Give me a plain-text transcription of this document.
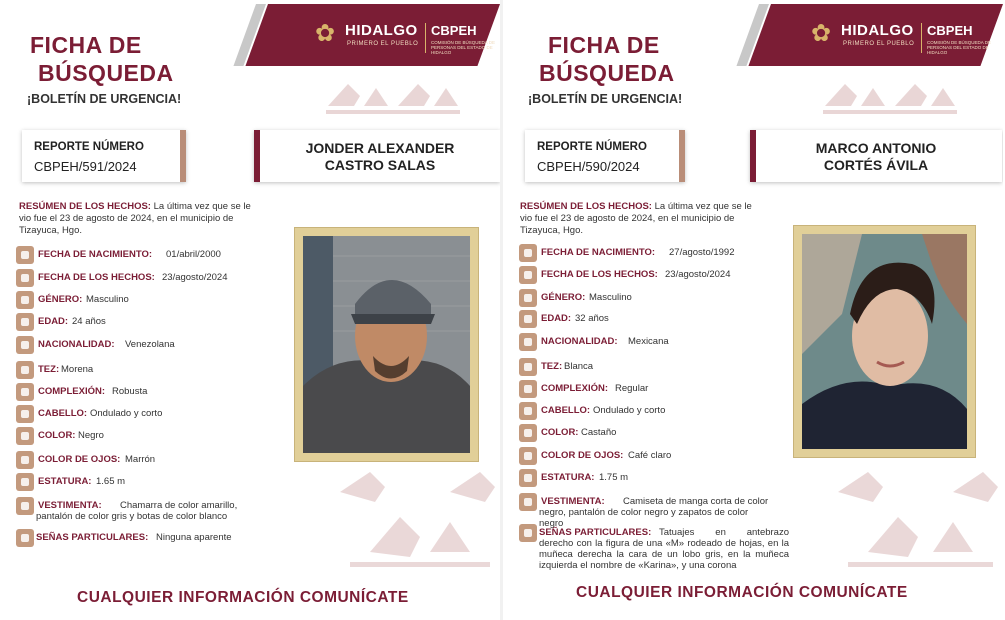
✿ HIDALGO
PRIMERO EL PUEBLO
CBPEH
COMISIÓN DE BÚSQUEDA DE PERSONAS DEL ESTADO DE HIDALGO
FICHA DE
BÚSQUEDA
¡BOLETÍN DE URGENCIA!
REPORTE NÚMERO
CBPEH/591/2024
JONDER ALEXANDER
CASTRO SALAS
RESÚMEN DE LOS HECHOS: La última vez que se le vio fue el 23 de agosto de 2024, en el municipio de Tizayuca, Hgo.
FECHA DE NACIMIENTO: 01/abril/2000
FECHA DE LOS HECHOS: 23/agosto/2024
GÉNERO: Masculino
EDAD: 24 años
NACIONALIDAD: Venezolana
TEZ: Morena
COMPLEXIÓN: Robusta
CABELLO: Ondulado y corto
COLOR: Negro
COLOR DE OJOS: Marrón
ESTATURA: 1.65 m
VESTIMENTA:	Chamarra de color amarillo, pantalón de color gris y botas de color blanco
SEÑAS PARTICULARES: Ninguna aparente
CUALQUIER INFORMACIÓN COMUNÍCATE
✿ HIDALGO
PRIMERO EL PUEBLO
CBPEH
COMISIÓN DE BÚSQUEDA DE PERSONAS DEL ESTADO DE HIDALGO
FICHA DE
BÚSQUEDA
¡BOLETÍN DE URGENCIA!
REPORTE NÚMERO
CBPEH/590/2024
MARCO ANTONIO
CORTÉS ÁVILA
RESÚMEN DE LOS HECHOS: La última vez que se le vio fue el 23 de agosto de 2024, en el municipio de Tizayuca, Hgo.
FECHA DE NACIMIENTO: 27/agosto/1992
FECHA DE LOS HECHOS: 23/agosto/2024
GÉNERO: Masculino
EDAD: 32 años
NACIONALIDAD: Mexicana
TEZ: Blanca
COMPLEXIÓN: Regular
CABELLO: Ondulado y corto
COLOR: Castaño
COLOR DE OJOS: Café claro
ESTATURA: 1.75 m
VESTIMENTA:	Camiseta de manga corta de color negro, pantalón de color negro y zapatos de color negro
SEÑAS PARTICULARES: Tatuajes en antebrazo derecho con la figura de una «M» rodeado de hojas, en la muñeca derecha la cara de un lobo gris, en la muñeca izquierda el nombre de «Karina», y una corona
CUALQUIER INFORMACIÓN COMUNÍCATE
